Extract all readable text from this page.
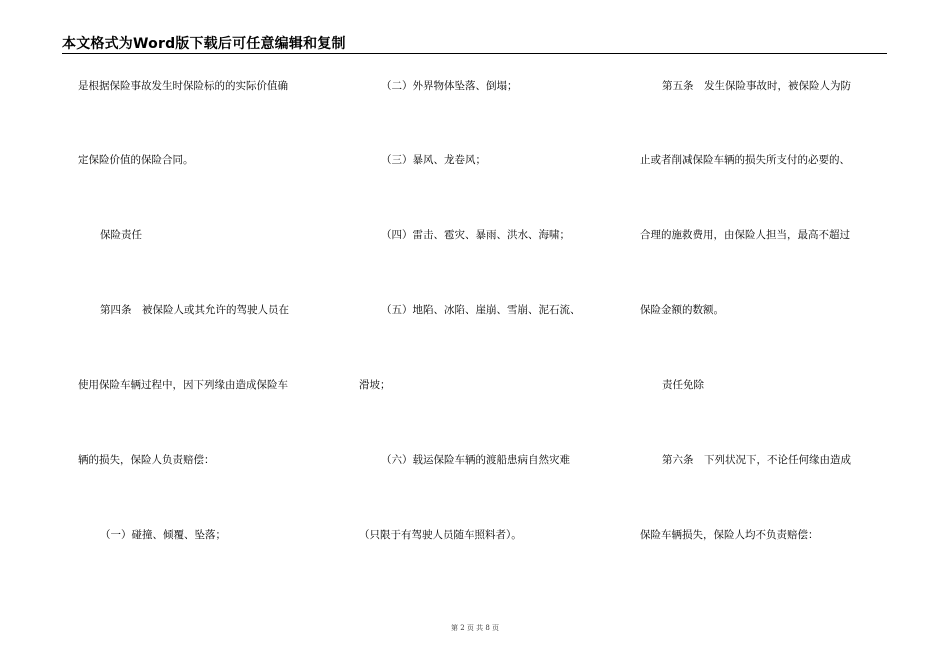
本文格式为Word版下载后可任意编辑和复制
是根据保险事故发生时保险标的的实际价值确
定保险价值的保险合同。
保险责任
第四条　被保险人或其允许的驾驶人员在
使用保险车辆过程中，因下列缘由造成保险车
辆的损失，保险人负责赔偿：
（一）碰撞、倾覆、坠落；
（二）外界物体坠落、倒塌；
（三）暴风、龙卷风；
（四）雷击、雹灾、暴雨、洪水、海啸；
（五）地陷、冰陷、崖崩、雪崩、泥石流、
滑坡；
（六）载运保险车辆的渡船患病自然灾难
（只限于有驾驶人员随车照料者）。
第五条　发生保险事故时，被保险人为防
止或者削减保险车辆的损失所支付的必要的、
合理的施救费用，由保险人担当，最高不超过
保险金额的数额。
责任免除
第六条　下列状况下，不论任何缘由造成
保险车辆损失，保险人均不负责赔偿：
第 2 页 共 8 页
